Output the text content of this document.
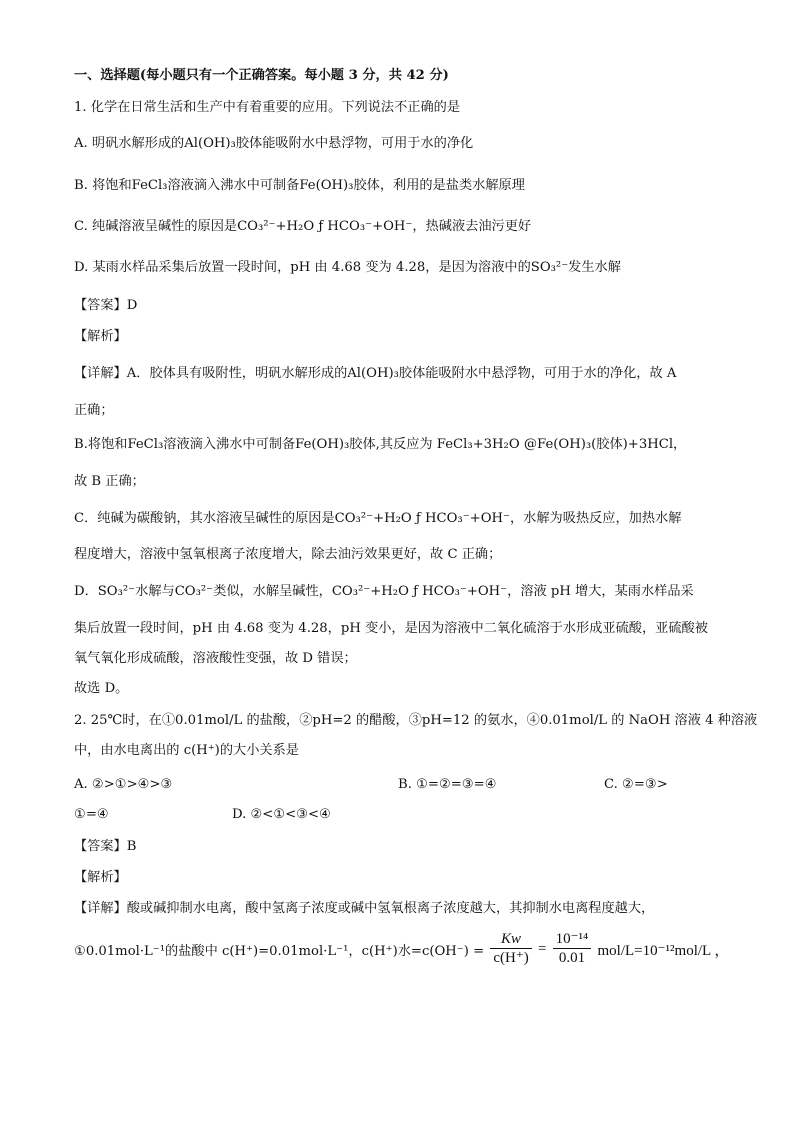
一、选择题(每小题只有一个正确答案。每小题 3 分，共 42 分)
1. 化学在日常生活和生产中有着重要的应用。下列说法不正确的是
A. 明矾水解形成的Al(OH)₃胶体能吸附水中悬浮物，可用于水的净化
B. 将饱和FeCl₃溶液滴入沸水中可制备Fe(OH)₃胶体，利用的是盐类水解原理
C. 纯碱溶液呈碱性的原因是CO₃²⁻+H₂O ƒ HCO₃⁻+OH⁻，热碱液去油污更好
D. 某雨水样品采集后放置一段时间，pH 由 4.68 变为 4.28，是因为溶液中的SO₃²⁻发生水解
【答案】D
【解析】
【详解】A．胶体具有吸附性，明矾水解形成的Al(OH)₃胶体能吸附水中悬浮物，可用于水的净化，故 A
正确；
B.将饱和FeCl₃溶液滴入沸水中可制备Fe(OH)₃胶体,其反应为 FeCl₃+3H₂O @Fe(OH)₃(胶体)+3HCl，
故 B 正确；
C．纯碱为碳酸钠，其水溶液呈碱性的原因是CO₃²⁻+H₂O ƒ HCO₃⁻+OH⁻，水解为吸热反应，加热水解
程度增大，溶液中氢氧根离子浓度增大，除去油污效果更好，故 C 正确；
D．SO₃²⁻水解与CO₃²⁻类似，水解呈碱性，CO₃²⁻+H₂O ƒ HCO₃⁻+OH⁻，溶液 pH 增大，某雨水样品采
集后放置一段时间，pH 由 4.68 变为 4.28，pH 变小，是因为溶液中二氧化硫溶于水形成亚硫酸，亚硫酸被
氧气氧化形成硫酸，溶液酸性变强，故 D 错误；
故选 D。
2. 25℃时，在①0.01mol/L 的盐酸，②pH=2 的醋酸，③pH=12 的氨水，④0.01mol/L 的 NaOH 溶液 4 种溶液
中，由水电离出的 c(H⁺)的大小关系是
A. ②>①>④>③	B. ①=②=③=④	C. ②=③>
①=④	D. ②<①<③<④
【答案】B
【解析】
【详解】酸或碱抑制水电离，酸中氢离子浓度或碱中氢氧根离子浓度越大，其抑制水电离程度越大，
①0.01mol·L⁻¹的盐酸中 c(H⁺)=0.01mol·L⁻¹，c(H⁺)水$=c(OH^-) = \frac{Kw}{c(H^+)} = \frac{\text{10⁻¹⁴}}{0.01} mol/L=10^{-12}mol/L$ ，
